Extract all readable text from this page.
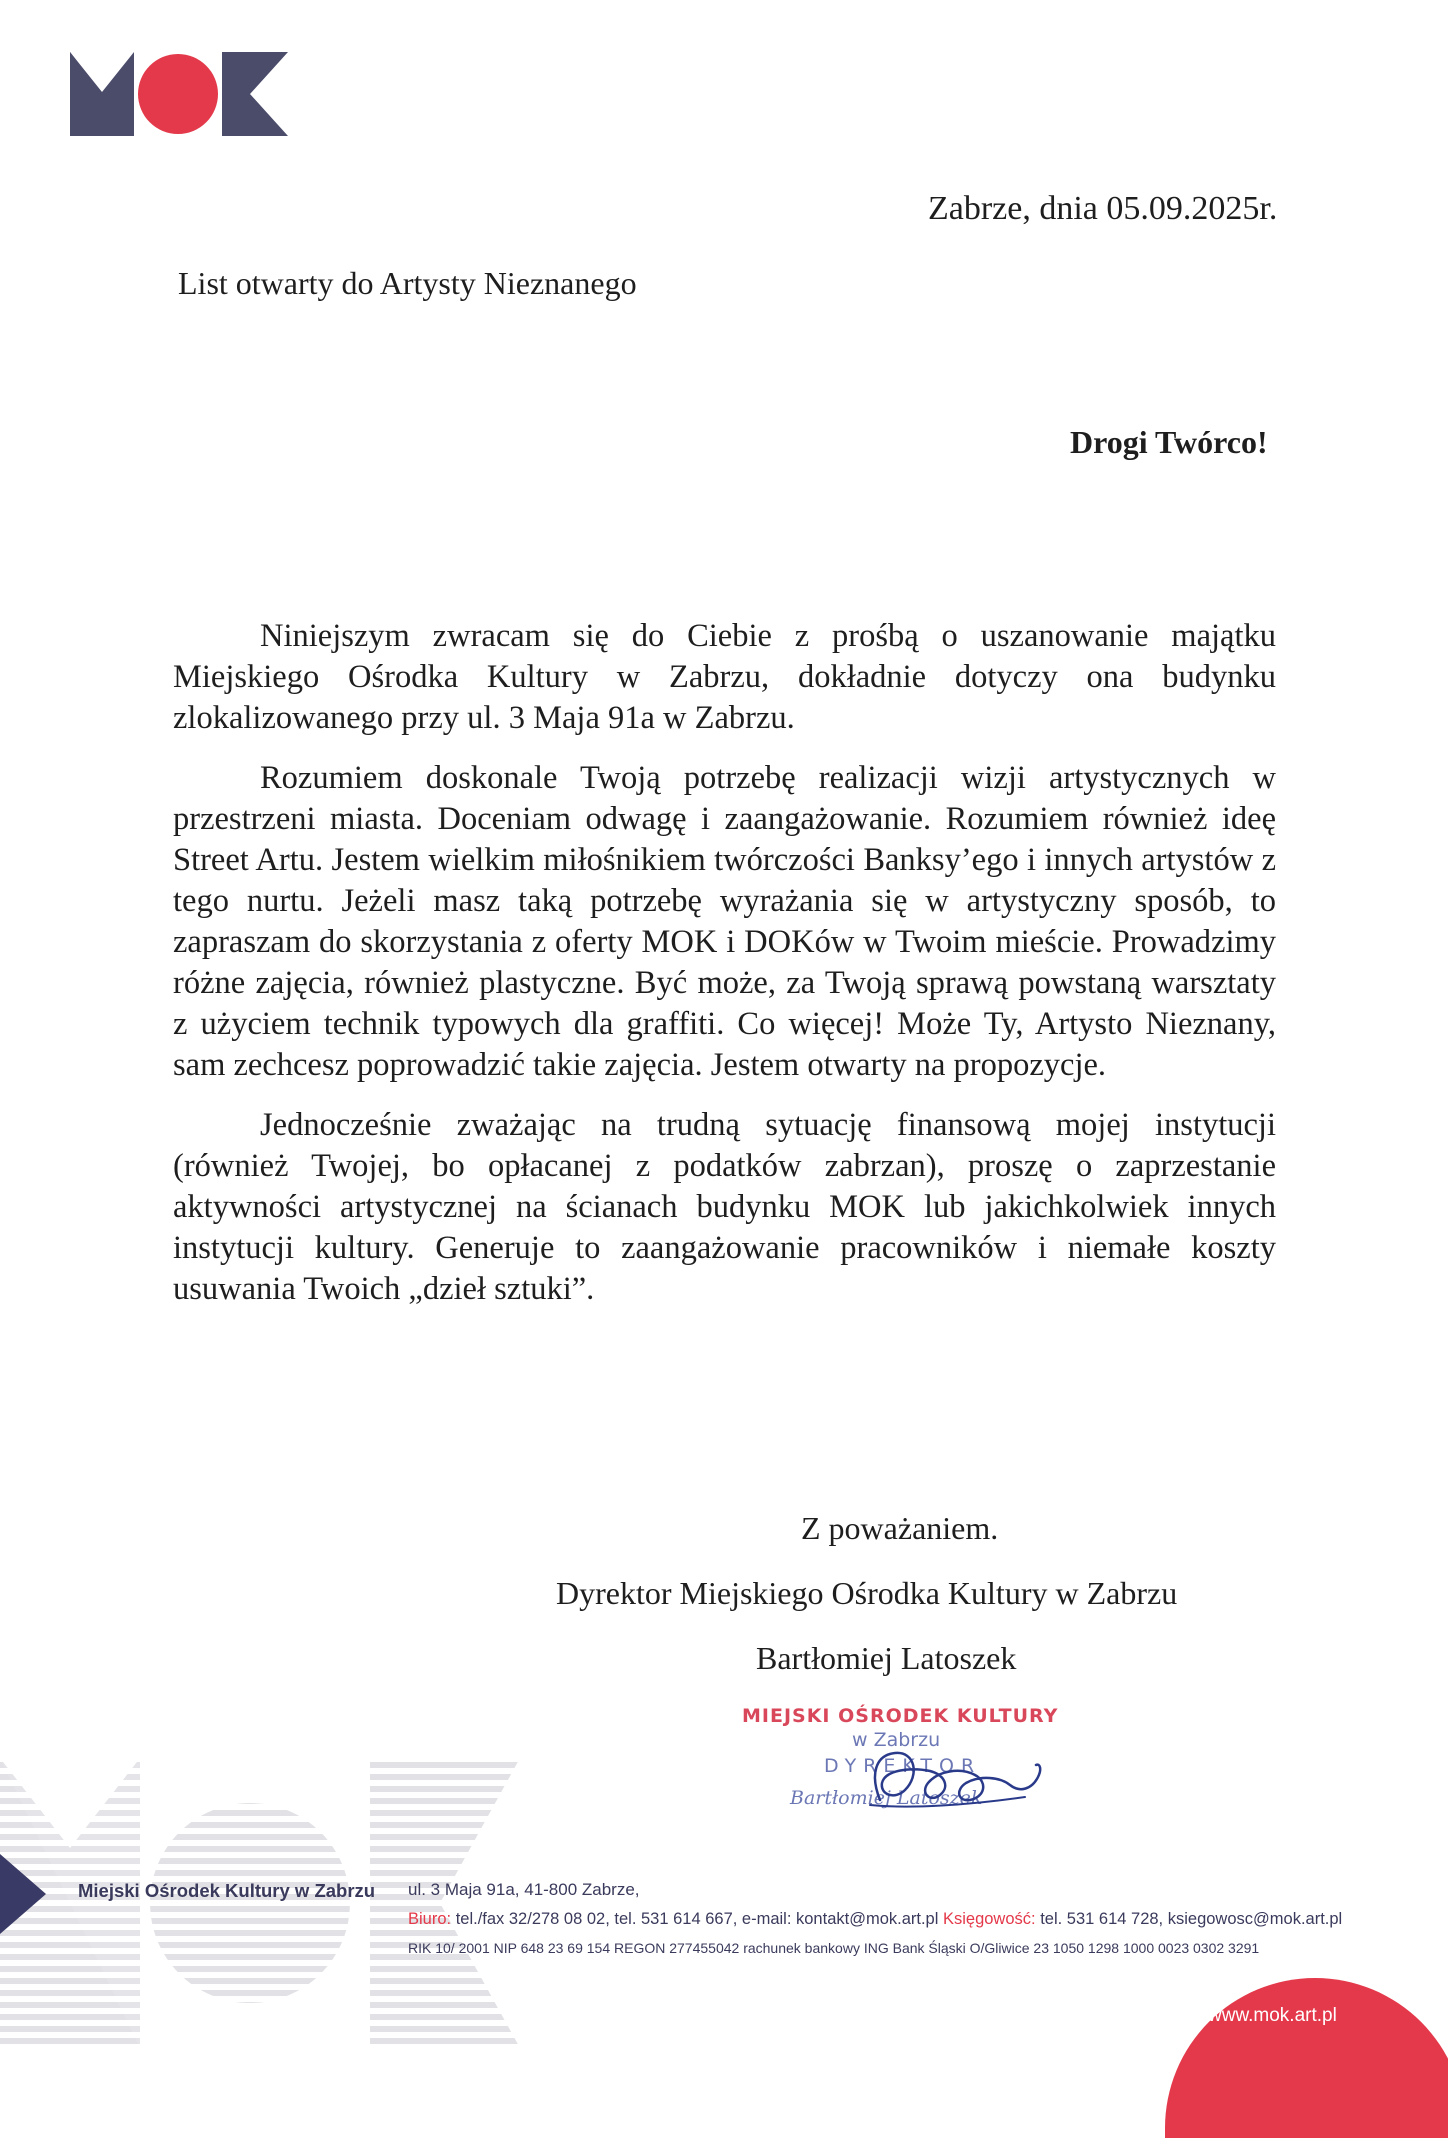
Zabrze, dnia 05.09.2025r.
List otwarty do Artysty Nieznanego
Drogi Twórco!

Niniejszym zwracam się do Ciebie z prośbą o uszanowanie majątku Miejskiego Ośrodka Kultury w Zabrzu, dokładnie dotyczy ona budynku zlokalizowanego przy ul. 3 Maja 91a w Zabrzu.

Rozumiem doskonale Twoją potrzebę realizacji wizji artystycznych w przestrzeni miasta. Doceniam odwagę i zaangażowanie. Rozumiem również ideę Street Artu. Jestem wielkim miłośnikiem twórczości Banksy’ego i innych artystów z tego nurtu. Jeżeli masz taką potrzebę wyrażania się w artystyczny sposób, to zapraszam do skorzystania z oferty MOK i DOKów w Twoim mieście. Prowadzimy różne zajęcia, również plastyczne. Być może, za Twoją sprawą powstaną warsztaty z użyciem technik typowych dla graffiti. Co więcej! Może Ty, Artysto Nieznany, sam zechcesz poprowadzić takie zajęcia. Jestem otwarty na propozycje.

Jednocześnie zważając na trudną sytuację finansową mojej instytucji (również Twojej, bo opłacanej z podatków zabrzan), proszę o zaprzestanie aktywności artystycznej na ścianach budynku MOK lub jakichkolwiek innych instytucji kultury. Generuje to zaangażowanie pracowników i niemałe koszty usuwania Twoich „dzieł sztuki”.

Z poważaniem.
Dyrektor Miejskiego Ośrodka Kultury w Zabrzu
Bartłomiej Latoszek
MIEJSKI OŚRODEK KULTURY
w Zabrzu
DYREKTOR
Bartłomiej Latoszek
Miejski Ośrodek Kultury w Zabrzu ul. 3 Maja 91a, 41-800 Zabrze,
Biuro: tel./fax 32/278 08 02, tel. 531 614 667, e-mail: kontakt@mok.art.pl Księgowość: tel. 531 614 728, ksiegowosc@mok.art.pl
RIK 10/ 2001 NIP 648 23 69 154 REGON 277455042 rachunek bankowy ING Bank Śląski O/Gliwice 23 1050 1298 1000 0023 0302 3291
www.mok.art.pl
